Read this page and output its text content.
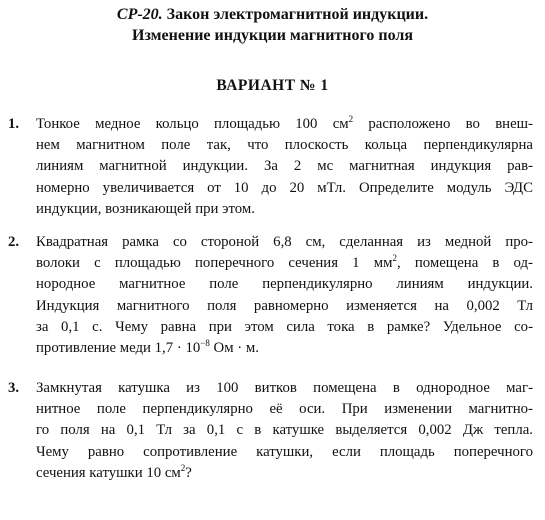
СР-20. Закон электромагнитной индукции.
Изменение индукции магнитного поля
ВАРИАНТ № 1
1. Тонкое медное кольцо площадью 100 $см^2$ расположено во внеш-
нем магнитном поле так, что плоскость кольца перпендикулярна
линиям магнитной индукции. За 2 мс магнитная индукция рав-
номерно увеличивается от 10 до 20 мТл. Определите модуль ЭДС
индукции, возникающей при этом.
2. Квадратная рамка со стороной 6,8 см, сделанная из медной про-
волоки с площадью поперечного сечения 1 $мм^2$, помещена в од-
нородное магнитное поле перпендикулярно линиям индукции.
Индукция магнитного поля равномерно изменяется на 0,002 Тл
за 0,1 с. Чему равна при этом сила тока в рамке? Удельное со-
противление меди $1,7 \cdot 10^{-8}$ Ом · м.
3. Замкнутая катушка из 100 витков помещена в однородное маг-
нитное поле перпендикулярно её оси. При изменении магнитно-
го поля на 0,1 Тл за 0,1 с в катушке выделяется 0,002 Дж тепла.
Чему равно сопротивление катушки, если площадь поперечного
сечения катушки 10 $см^2$?
